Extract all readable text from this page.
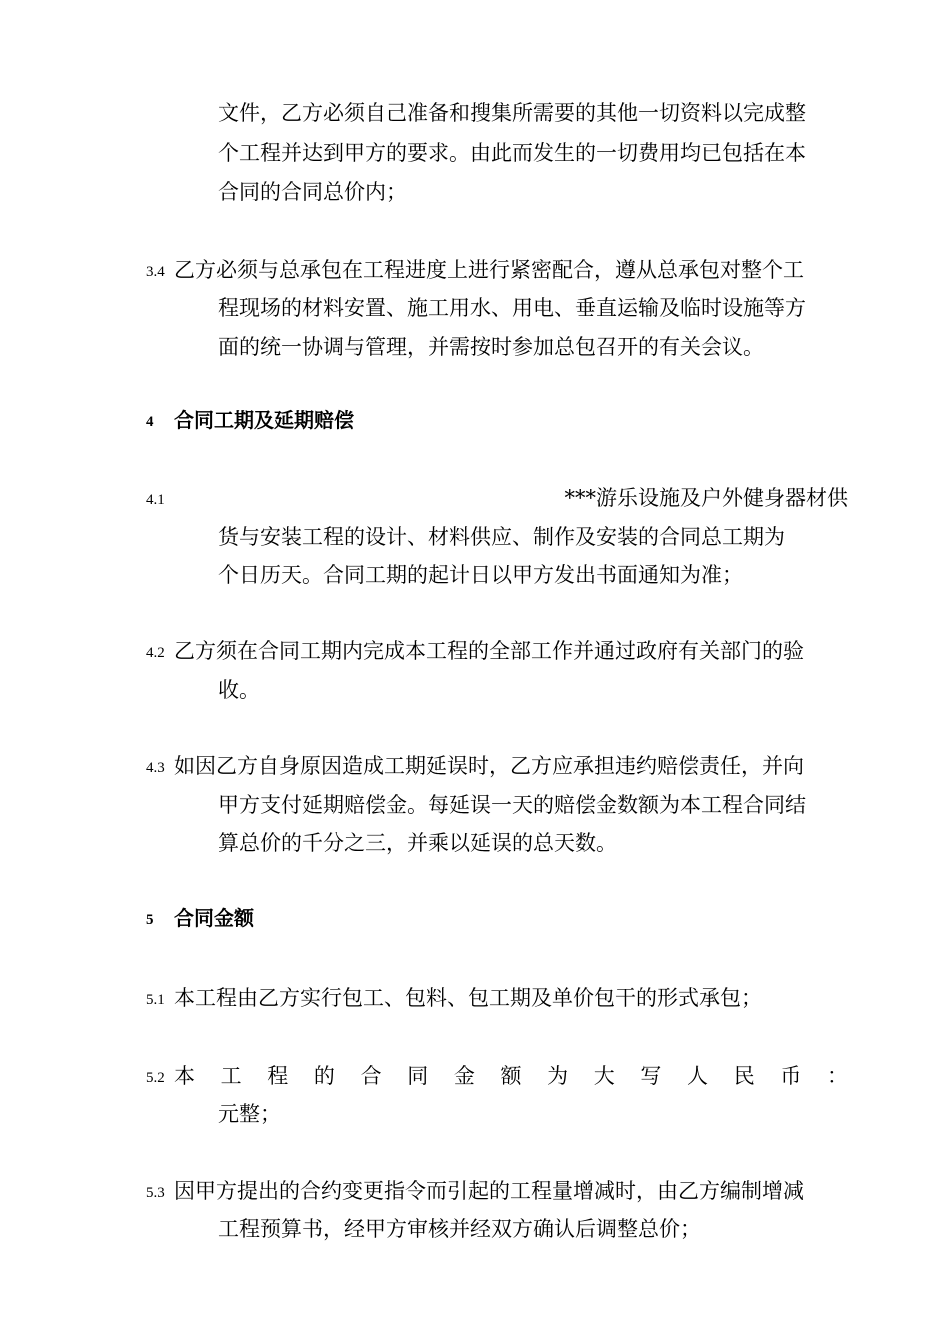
文件，乙方必须自己准备和搜集所需要的其他一切资料以完成整
个工程并达到甲方的要求。由此而发生的一切费用均已包括在本
合同的合同总价内；
3.4 乙方必须与总承包在工程进度上进行紧密配合，遵从总承包对整个工
程现场的材料安置、施工用水、用电、垂直运输及临时设施等方
面的统一协调与管理，并需按时参加总包召开的有关会议。
4 合同工期及延期赔偿
4.1	***游乐设施及户外健身器材供
货与安装工程的设计、材料供应、制作及安装的合同总工期为
个日历天。合同工期的起计日以甲方发出书面通知为准；
4.2 乙方须在合同工期内完成本工程的全部工作并通过政府有关部门的验
收。
4.3 如因乙方自身原因造成工期延误时，乙方应承担违约赔偿责任，并向
甲方支付延期赔偿金。每延误一天的赔偿金数额为本工程合同结
算总价的千分之三，并乘以延误的总天数。
5 合同金额
5.1 本工程由乙方实行包工、包料、包工期及单价包干的形式承包；
5.2 本 工 程 的 合 同 金 额 为 大 写 人 民 币 ：
元整；
5.3 因甲方提出的合约变更指令而引起的工程量增减时，由乙方编制增减
工程预算书，经甲方审核并经双方确认后调整总价；
